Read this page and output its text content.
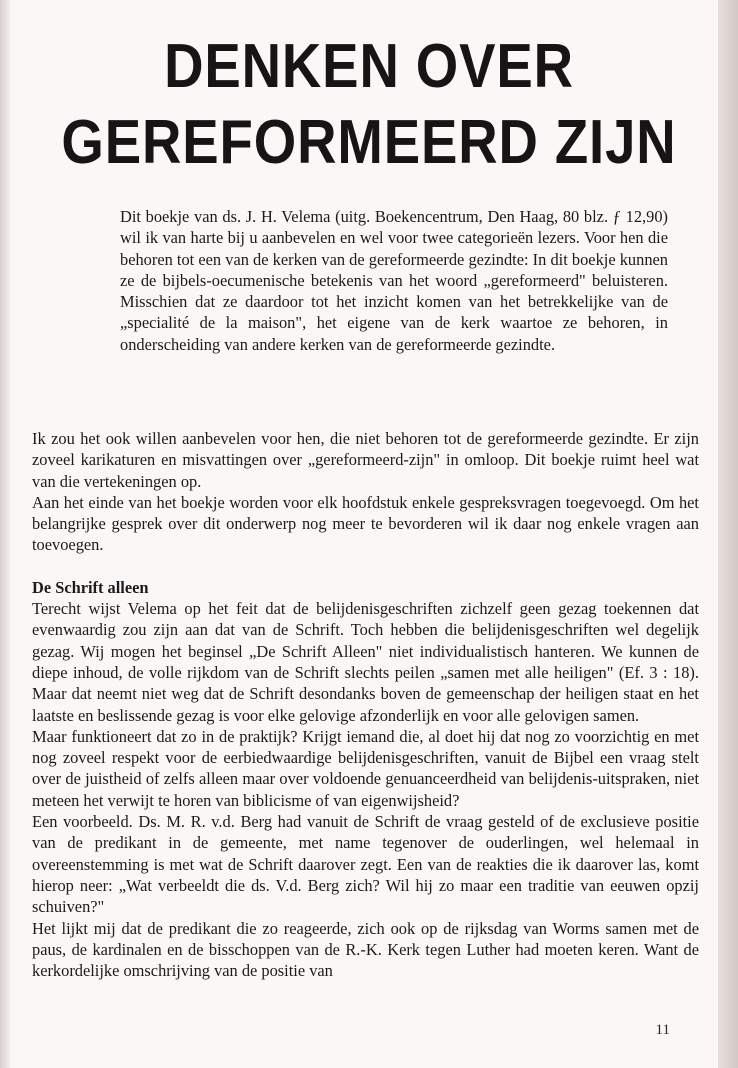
DENKEN OVER
GEREFORMEERD ZIJN

Dit boekje van ds. J. H. Velema (uitg. Boekencentrum, Den Haag, 80 blz. ƒ 12,90) wil ik van harte bij u aanbevelen en wel voor twee categorieën lezers. Voor hen die behoren tot een van de kerken van de gereformeerde gezindte: In dit boekje kunnen ze de bijbels-oecumenische betekenis van het woord „gereformeerd" beluisteren. Misschien dat ze daardoor tot het inzicht komen van het betrekkelijke van de „specialité de la maison", het eigene van de kerk waartoe ze behoren, in onderscheiding van andere kerken van de gereformeerde gezindte.

Ik zou het ook willen aanbevelen voor hen, die niet behoren tot de gereformeerde gezindte. Er zijn zoveel karikaturen en misvattingen over „gereformeerd-zijn" in omloop. Dit boekje ruimt heel wat van die vertekeningen op.

Aan het einde van het boekje worden voor elk hoofdstuk enkele gespreksvragen toegevoegd. Om het belangrijke gesprek over dit onderwerp nog meer te bevorderen wil ik daar nog enkele vragen aan toevoegen.

De Schrift alleen

Terecht wijst Velema op het feit dat de belijdenisgeschriften zichzelf geen gezag toekennen dat evenwaardig zou zijn aan dat van de Schrift. Toch hebben die belijdenisgeschriften wel degelijk gezag. Wij mogen het beginsel „De Schrift Alleen" niet individualistisch hanteren. We kunnen de diepe inhoud, de volle rijkdom van de Schrift slechts peilen „samen met alle heiligen" (Ef. 3 : 18). Maar dat neemt niet weg dat de Schrift desondanks boven de gemeenschap der heiligen staat en het laatste en beslissende gezag is voor elke gelovige afzonderlijk en voor alle gelovigen samen.

Maar funktioneert dat zo in de praktijk? Krijgt iemand die, al doet hij dat nog zo voorzichtig en met nog zoveel respekt voor de eerbiedwaardige belijdenisgeschriften, vanuit de Bijbel een vraag stelt over de juistheid of zelfs alleen maar over voldoende genuanceerdheid van belijdenis-uitspraken, niet meteen het verwijt te horen van biblicisme of van eigenwijsheid?

Een voorbeeld. Ds. M. R. v.d. Berg had vanuit de Schrift de vraag gesteld of de exclusieve positie van de predikant in de gemeente, met name tegenover de ouderlingen, wel helemaal in overeenstemming is met wat de Schrift daarover zegt. Een van de reakties die ik daarover las, komt hierop neer: „Wat verbeeldt die ds. V.d. Berg zich? Wil hij zo maar een traditie van eeuwen opzij schuiven?"

Het lijkt mij dat de predikant die zo reageerde, zich ook op de rijksdag van Worms samen met de paus, de kardinalen en de bisschoppen van de R.-K. Kerk tegen Luther had moeten keren. Want de kerkordelijke omschrijving van de positie van

11
